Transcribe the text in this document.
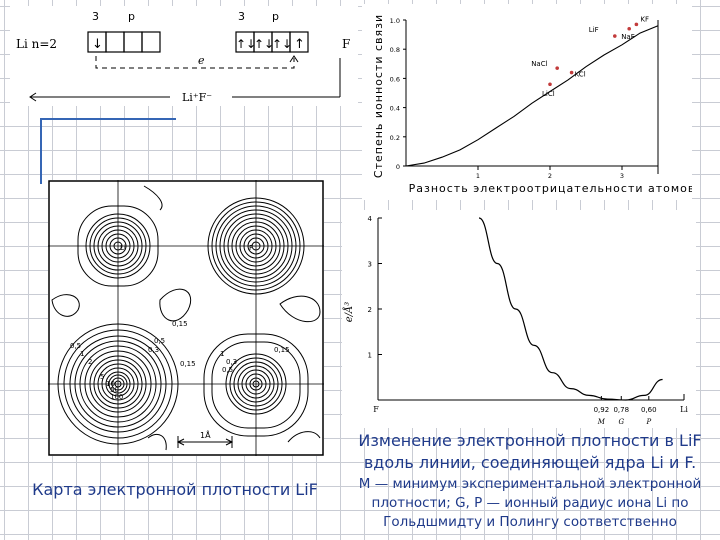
3	p	3 p
Li n=2	F
↓	↑↓
↑↓
↑↓ ↑
e
Li⁺F⁻	Степень ионности связи
Разность электроотрицательности атомов
0
0.2
0.4
0.6
0.8
1.0
1	2	3
KF
NaF
LiF
NaCl
KCl
LiCl
Li⁻	F⁻
0,15
0,5
1
2
5
10
50
100
0,15
0,3
0,5
1	0,15
0,3
0,5
1Å
e/Å³
1
2
3
4
F	Li
0,92
M
0,78
G
0,60
P
Карта электронной плотности LiF
Изменение электронной плотности в LiF вдоль линии, соединяющей ядра Li и F.
M — минимум экспериментальной электронной плотности; G, P — ионный радиус иона Li по Гольдшмидту и Полингу соответственно
